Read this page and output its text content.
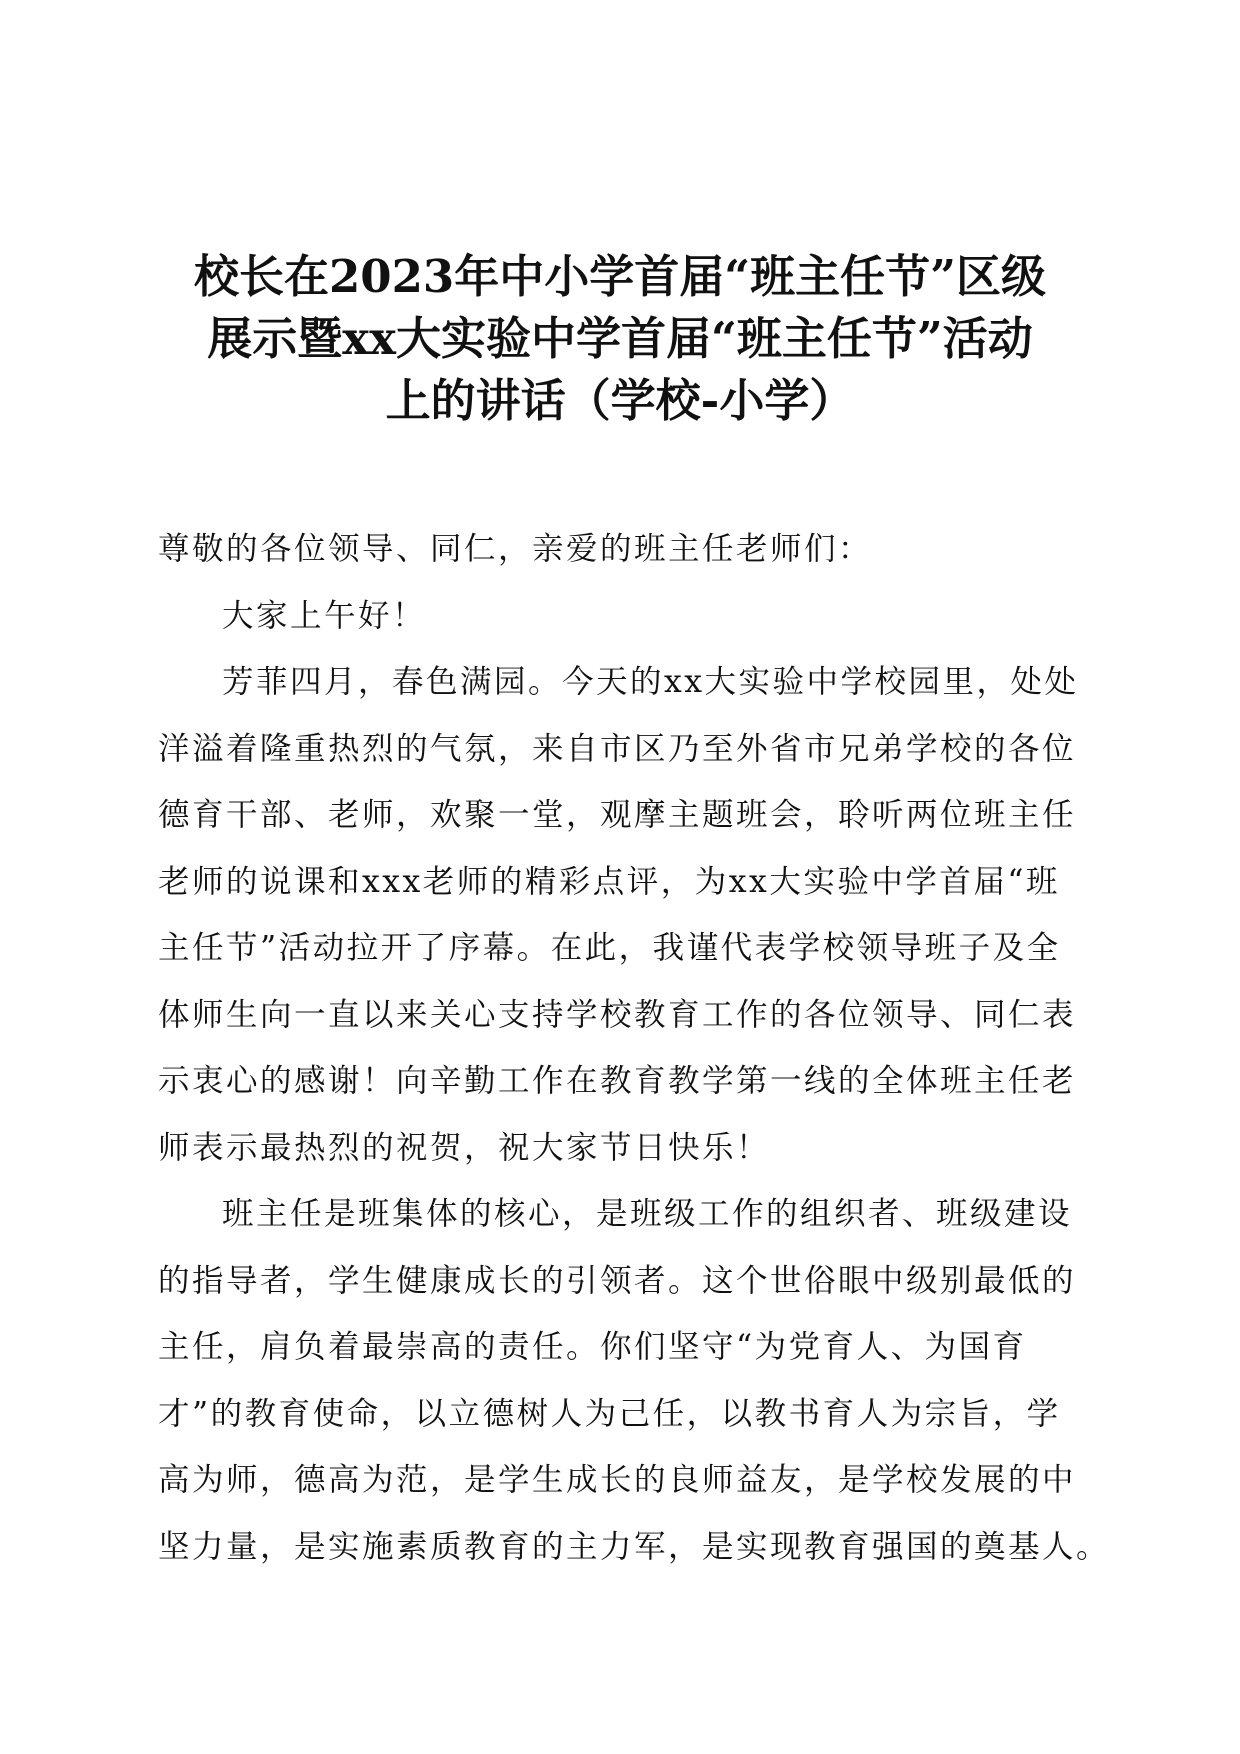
校长在2023年中小学首届“班主任节”区级
展示暨xx大实验中学首届“班主任节”活动
上的讲话（学校-小学）
尊敬的各位领导、同仁，亲爱的班主任老师们：
大家上午好！
芳菲四月，春色满园。今天的xx大实验中学校园里，处处
洋溢着隆重热烈的气氛，来自市区乃至外省市兄弟学校的各位
德育干部、老师，欢聚一堂，观摩主题班会，聆听两位班主任
老师的说课和xxx老师的精彩点评，为xx大实验中学首届“班
主任节”活动拉开了序幕。在此，我谨代表学校领导班子及全
体师生向一直以来关心支持学校教育工作的各位领导、同仁表
示衷心的感谢！向辛勤工作在教育教学第一线的全体班主任老
师表示最热烈的祝贺，祝大家节日快乐！
班主任是班集体的核心，是班级工作的组织者、班级建设
的指导者，学生健康成长的引领者。这个世俗眼中级别最低的
主任，肩负着最崇高的责任。你们坚守“为党育人、为国育
才”的教育使命，以立德树人为己任，以教书育人为宗旨，学
高为师，德高为范，是学生成长的良师益友，是学校发展的中
坚力量，是实施素质教育的主力军，是实现教育强国的奠基人。
